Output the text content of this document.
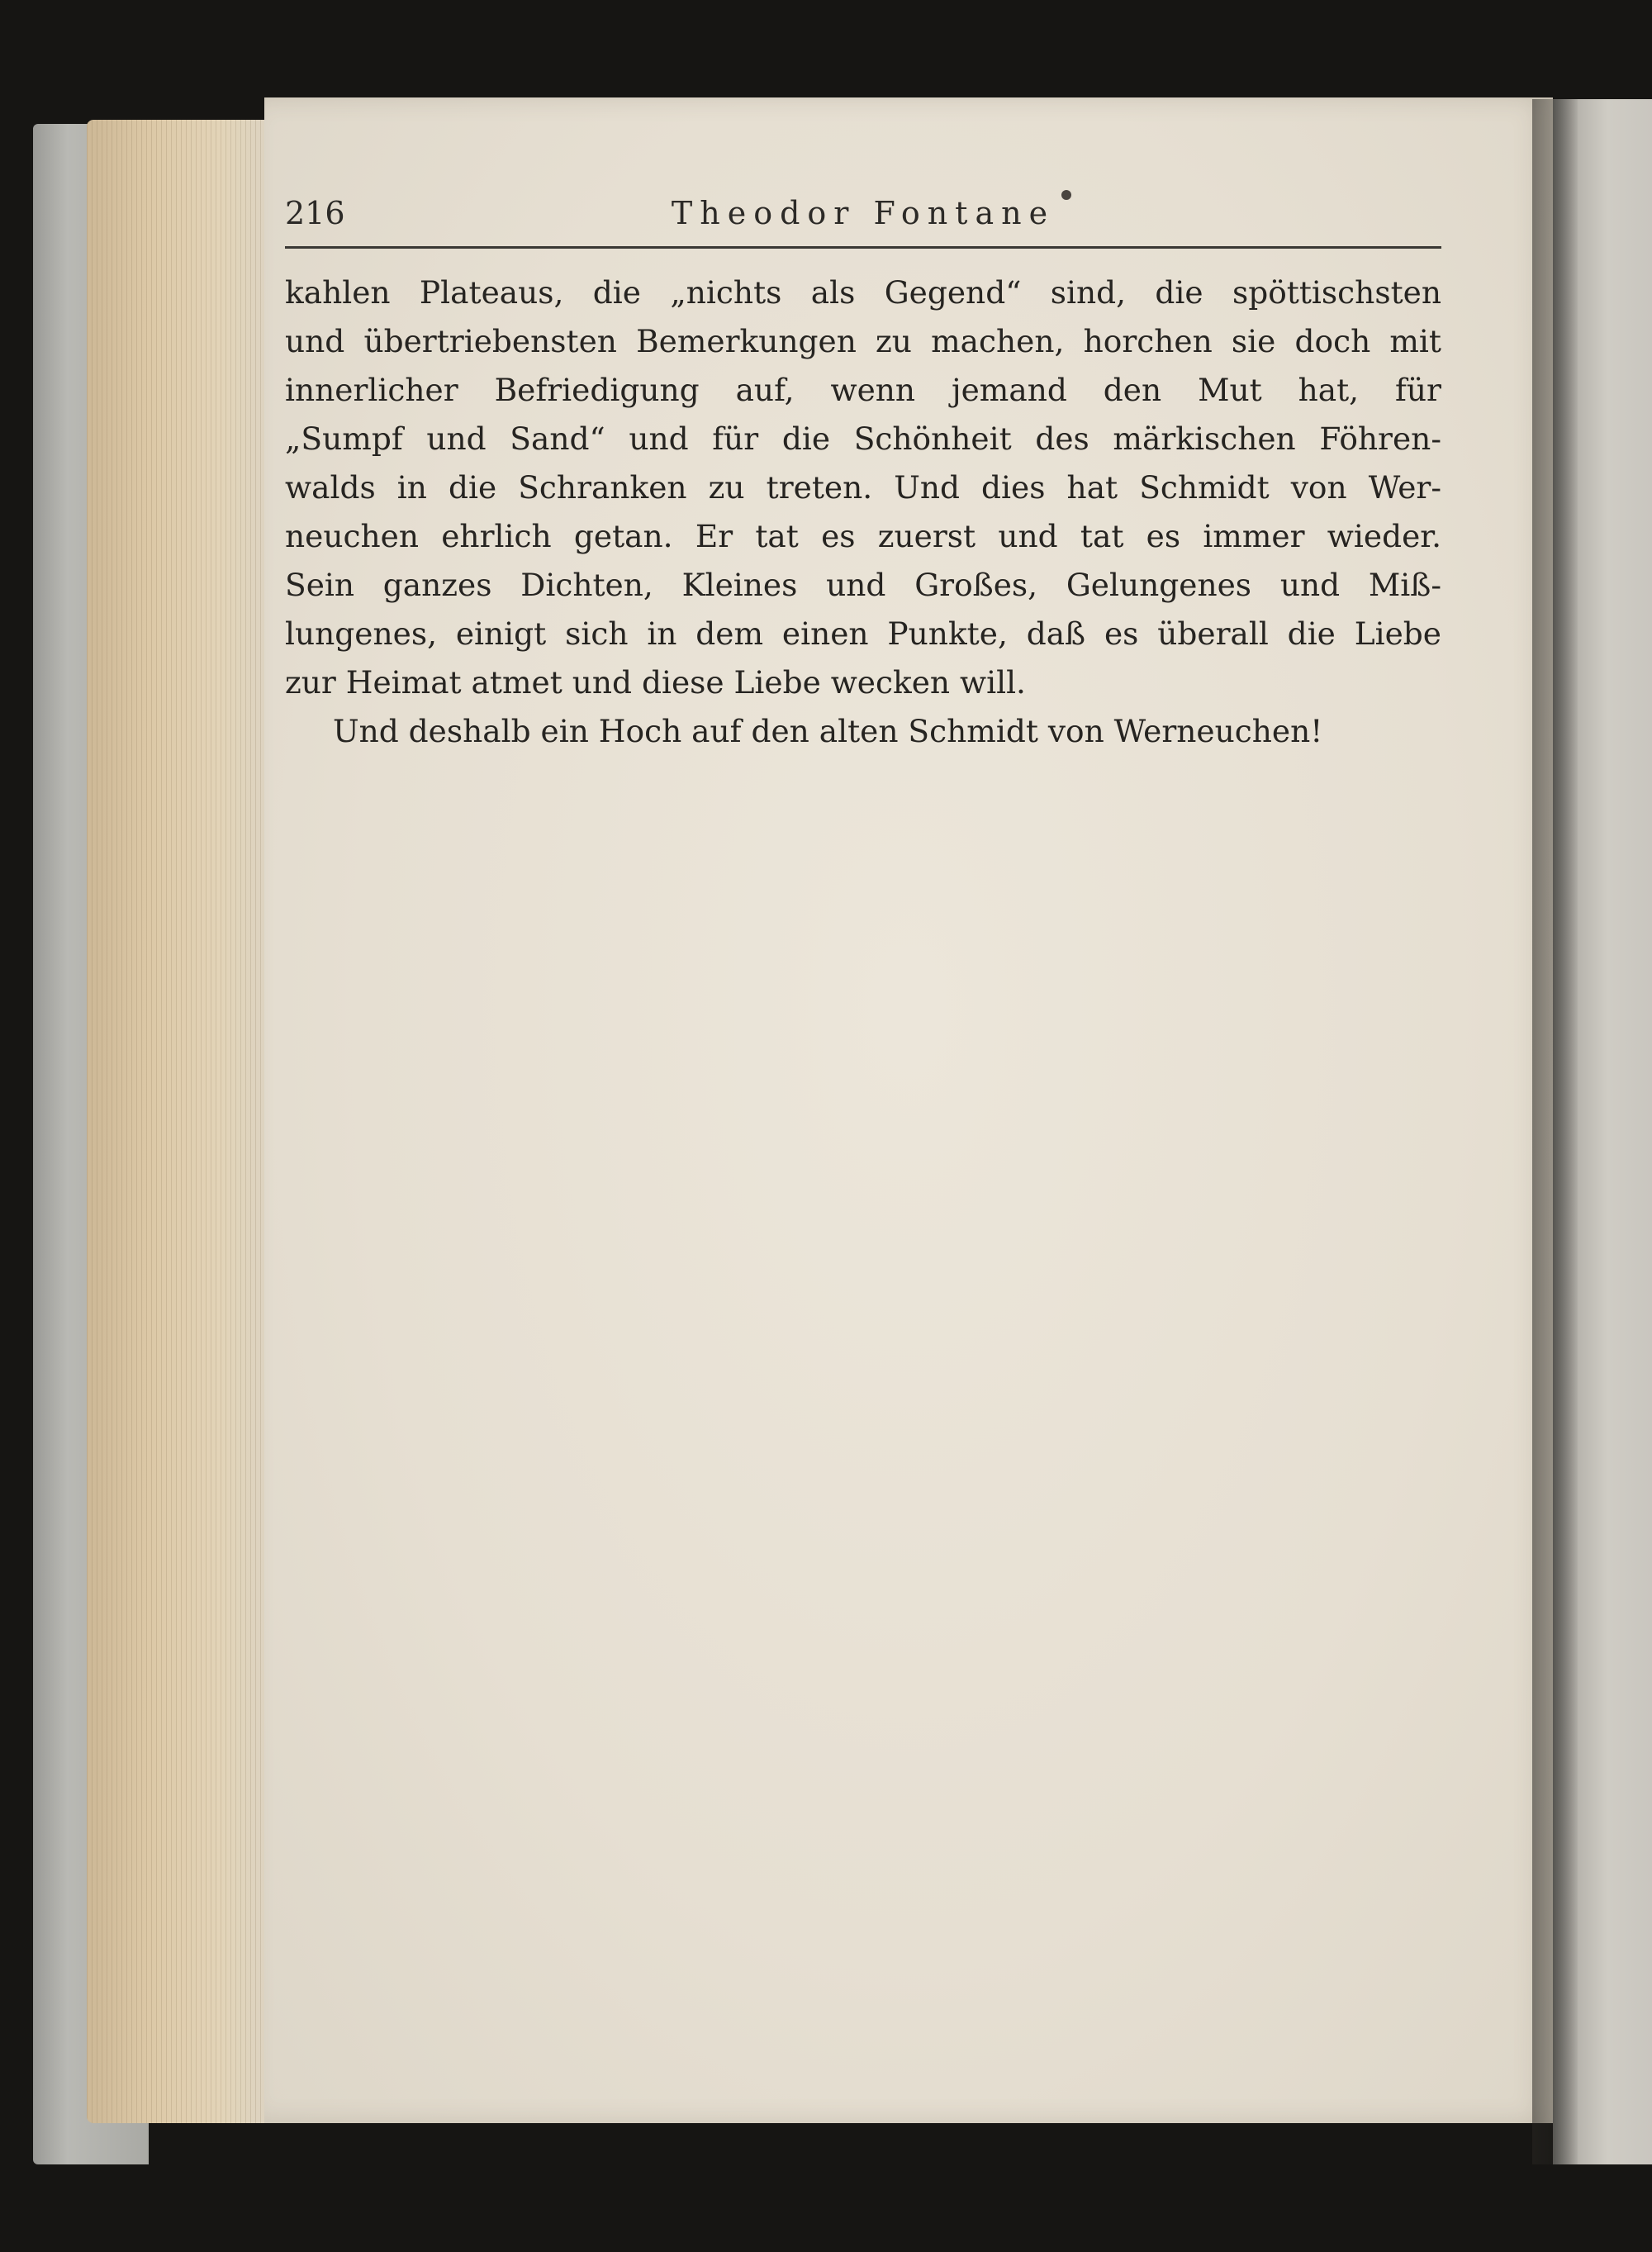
216	Theodor Fontane
kahlen Plateaus, die „nichts als Gegend“ sind, die spöttischsten
und übertriebensten Bemerkungen zu machen, horchen sie doch mit
innerlicher Befriedigung auf, wenn jemand den Mut hat, für
„Sumpf und Sand“ und für die Schönheit des märkischen Föhren-
walds in die Schranken zu treten. Und dies hat Schmidt von Wer-
neuchen ehrlich getan. Er tat es zuerst und tat es immer wieder.
Sein ganzes Dichten, Kleines und Großes, Gelungenes und Miß-
lungenes, einigt sich in dem einen Punkte, daß es überall die Liebe
zur Heimat atmet und diese Liebe wecken will.
Und deshalb ein Hoch auf den alten Schmidt von Werneuchen!
